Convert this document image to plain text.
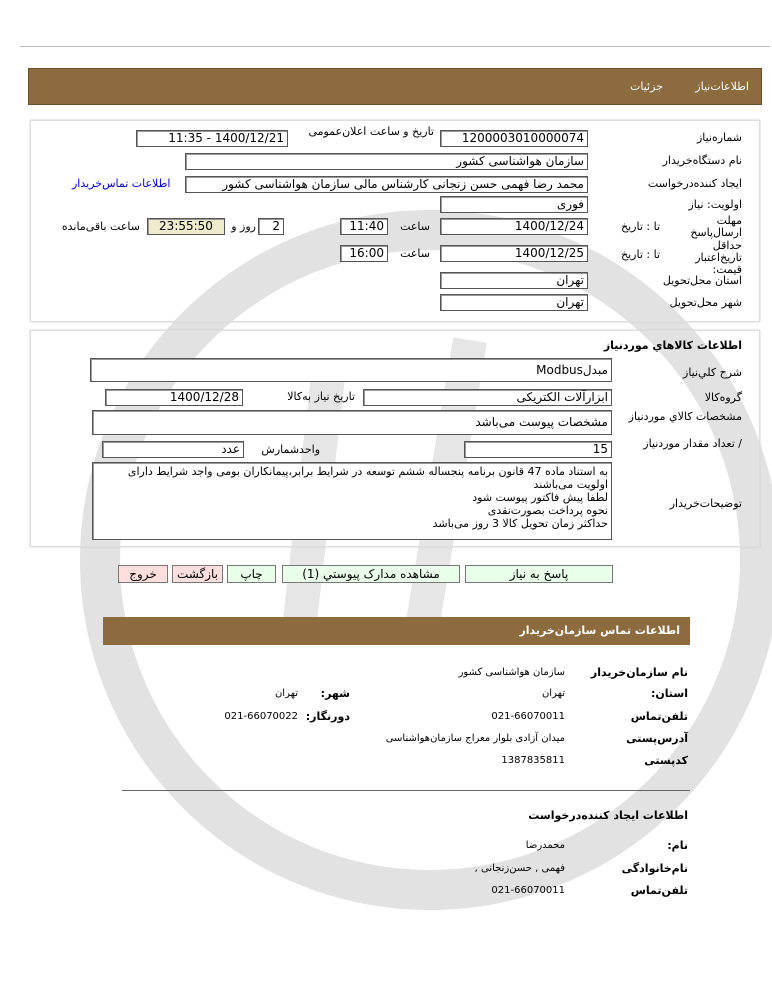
اطلاعات‌نیاز
جزئیات
شماره‌نیاز
1200003010000074
تاریخ و ساعت اعلان‌عمومی
1400/12/21 - 11:35
نام دستگاه‌خریدار
سازمان هواشناسی کشور
ایجاد کننده‌درخواست
محمد رضا فهمی حسن زنجانی کارشناس مالی سازمان هواشناسی کشور
اطلاعات تماس‌خریدار
اولویت: نیاز
فوری
مهلت ارسال‌پاسخ
تا : تاریخ
1400/12/24
ساعت
11:40
2
روز و
23:55:50
ساعت باقی‌مانده
حداقل تاریخ‌اعتبار قیمت:
تا : تاریخ
1400/12/25
ساعت
16:00
استان محل‌تحویل
تهران
شهر محل‌تحویل
تهران
اطلاعات کالاهاي موردنياز
شرح کلي‌نياز
مبدلModbus
گروه‌کالا
ابزارآلات الکتریکی
تاریخ نیاز به‌کالا
1400/12/28
مشخصات کالاي مورد‌نياز
مشخصات پیوست می‌باشد
/ تعداد مقدار مورد‌نیاز
15
واحد‌شمارش
عدد
توضیحات‌خریدار
به استناد ماده 47 قانون برنامه پنجساله ششم توسعه در شرایط برابر،پیمانکاران بومی واجد شرایط دارای اولویت می‌باشند
لطفا پیش فاکتور پیوست شود
نحوه پرداخت بصورت‌نقدی
حداکثر زمان تحویل کالا 3 روز می‌باشد
پاسخ به نیاز
مشاهده مدارک پیوستي (1)
چاپ
بازگشت
خروج
اطلاعات تماس سازمان‌خریدار
نام سازمان‌خریدار
سازمان هواشناسی کشور
استان:
تهران
شهر:
تهران
تلفن‌تماس
021-66070011
دورنگار:
021-66070022
آدرس‌پستی
میدان آزادی بلوار معراج سازمان‌هواشناسی
کدپستی
1387835811
اطلاعات ایجاد کننده‌درخواست
نام:
محمدرضا
نام‌خانوادگی
فهمی , حسن‌زنجانی ,
تلفن‌تماس
021-66070011
